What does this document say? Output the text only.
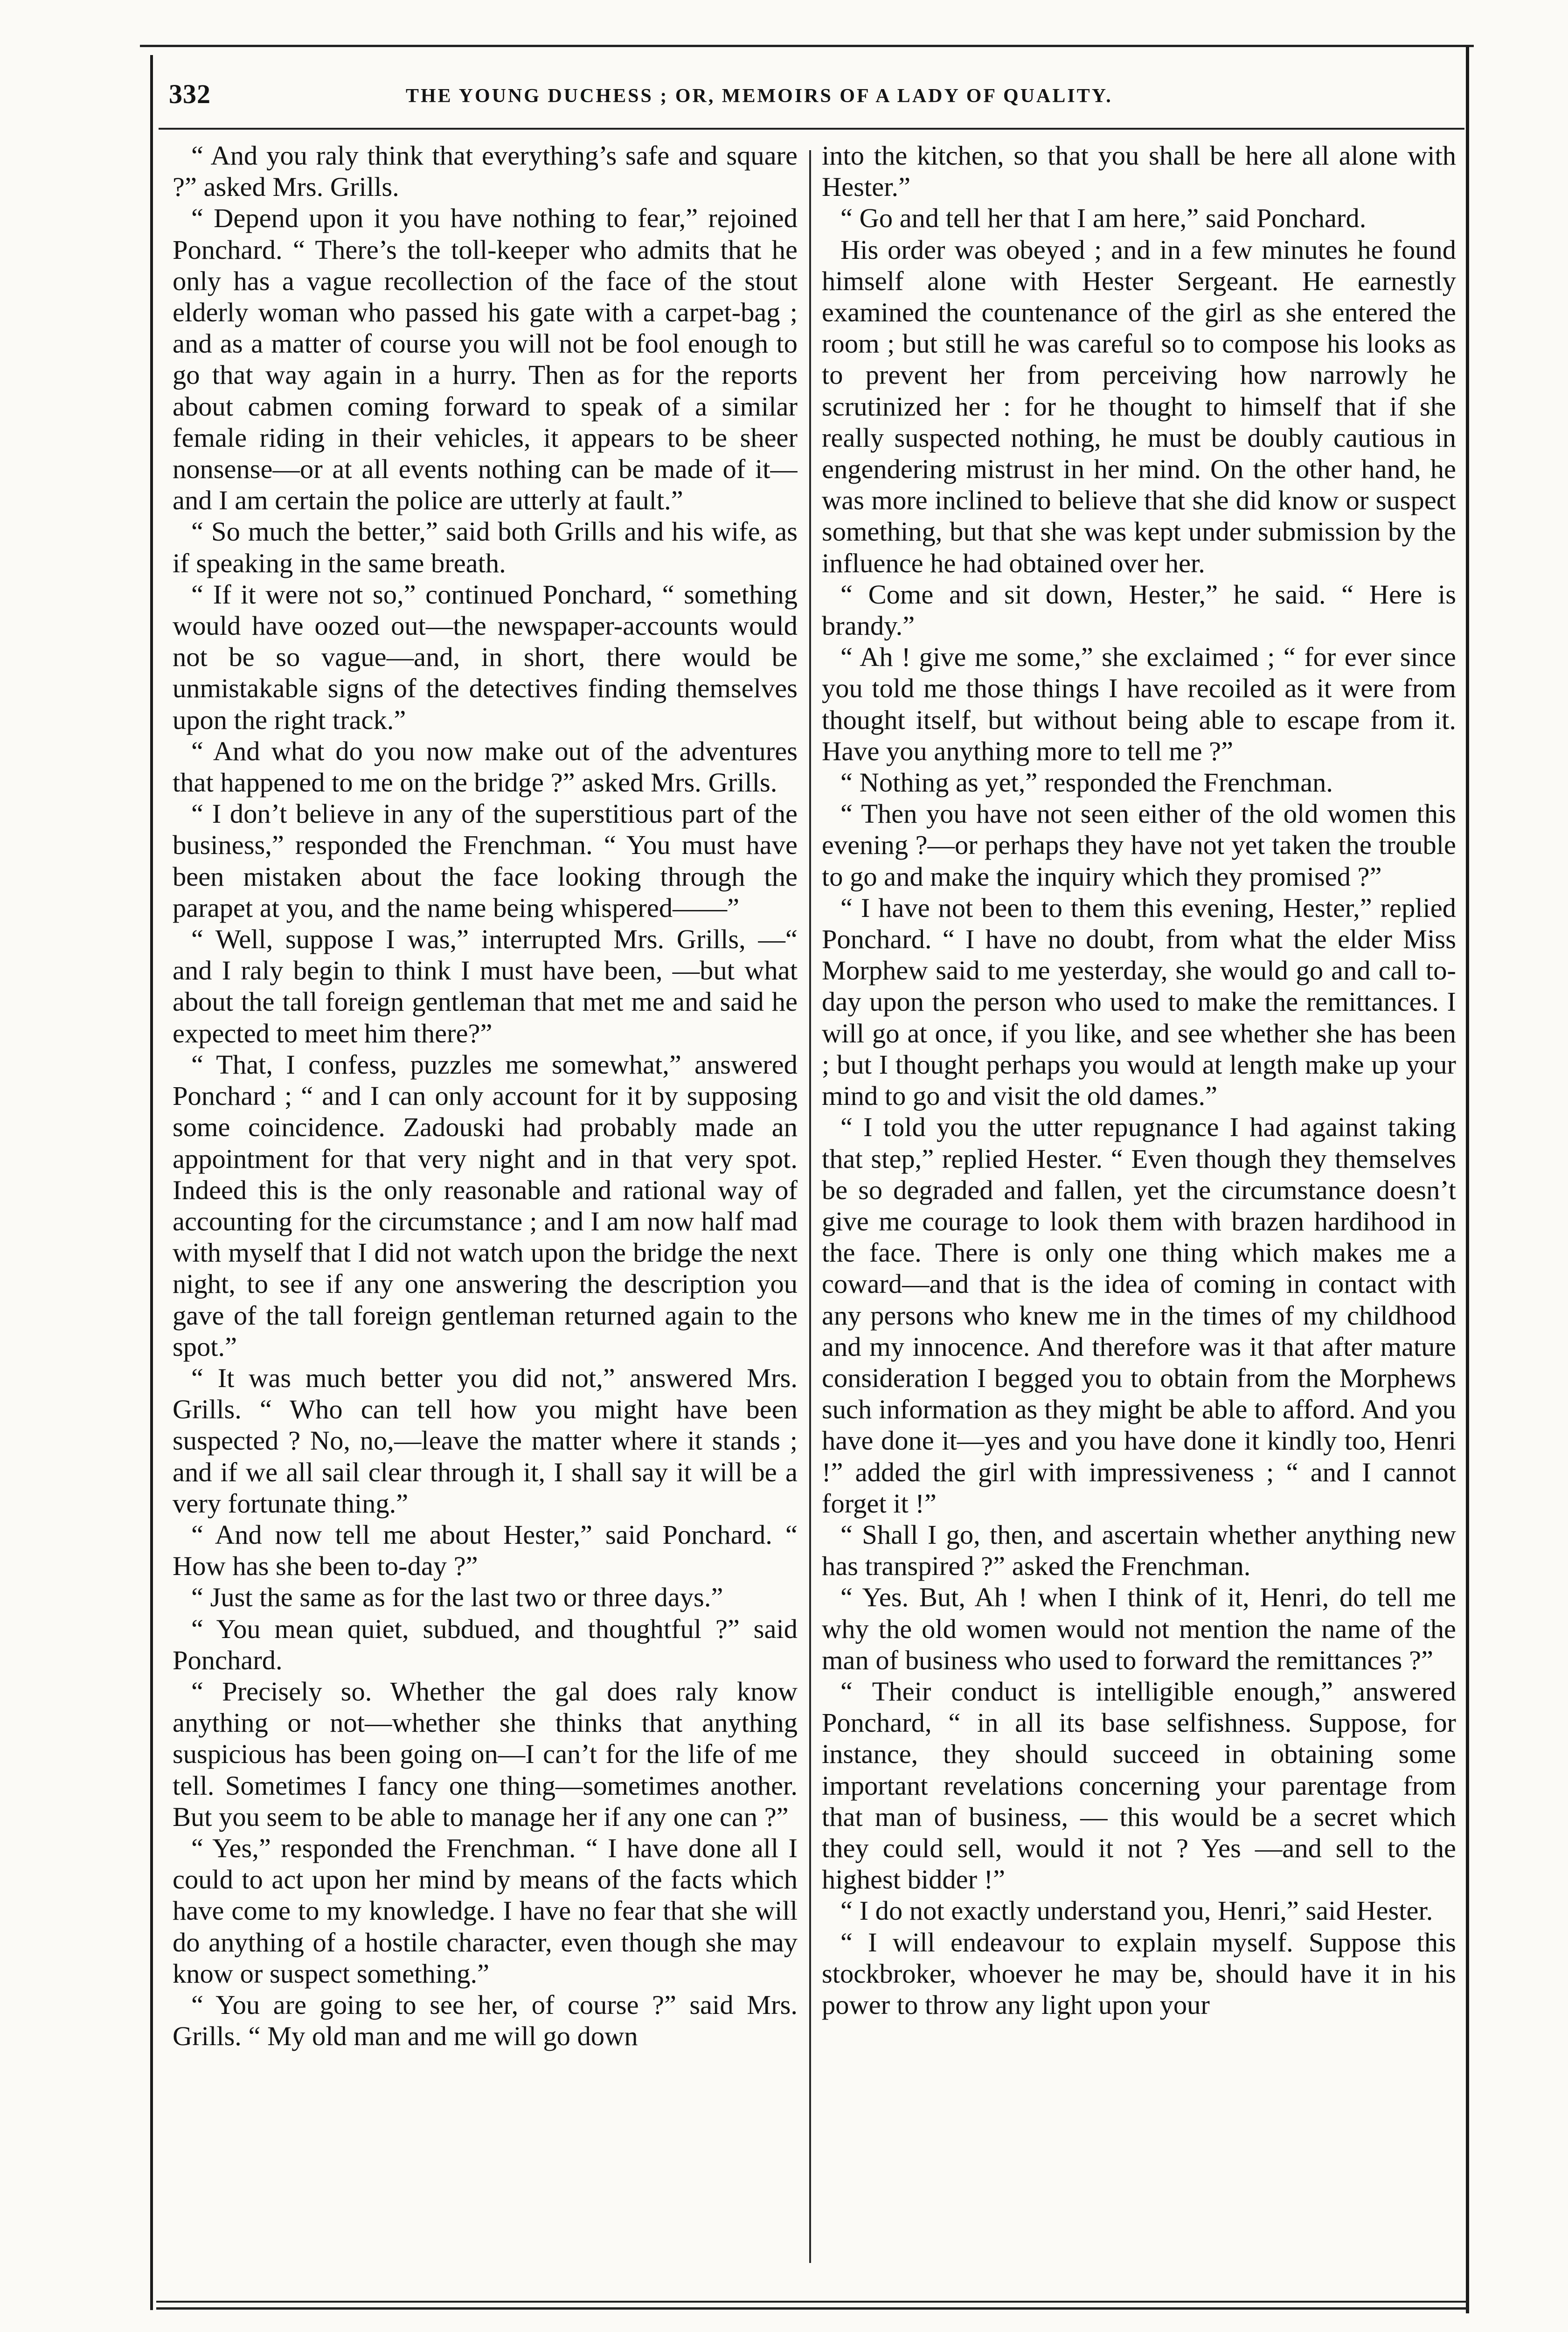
332	THE YOUNG DUCHESS ; OR, MEMOIRS OF A LADY OF QUALITY.

“ And you raly think that everything’s safe and square ?” asked Mrs. Grills.

“ Depend upon it you have nothing to fear,” rejoined Ponchard. “ There’s the toll-keeper who admits that he only has a vague recollection of the face of the stout elderly woman who passed his gate with a carpet-bag ; and as a matter of course you will not be fool enough to go that way again in a hurry. Then as for the reports about cabmen coming forward to speak of a similar female riding in their vehicles, it appears to be sheer nonsense—or at all events nothing can be made of it—and I am certain the police are utterly at fault.”

“ So much the better,” said both Grills and his wife, as if speaking in the same breath.

“ If it were not so,” continued Ponchard, “ something would have oozed out—the newspaper-accounts would not be so vague—and, in short, there would be unmistakable signs of the detectives finding themselves upon the right track.”

“ And what do you now make out of the adventures that happened to me on the bridge ?” asked Mrs. Grills.

“ I don’t believe in any of the superstitious part of the business,” responded the Frenchman. “ You must have been mistaken about the face looking through the parapet at you, and the name being whispered——”

“ Well, suppose I was,” interrupted Mrs. Grills, —“ and I raly begin to think I must have been, —but what about the tall foreign gentleman that met me and said he expected to meet him there?”

“ That, I confess, puzzles me somewhat,” answered Ponchard ; “ and I can only account for it by supposing some coincidence. Zadouski had probably made an appointment for that very night and in that very spot. Indeed this is the only reasonable and rational way of accounting for the circumstance ; and I am now half mad with myself that I did not watch upon the bridge the next night, to see if any one answering the description you gave of the tall foreign gentleman returned again to the spot.”

“ It was much better you did not,” answered Mrs. Grills. “ Who can tell how you might have been suspected ? No, no,—leave the matter where it stands ; and if we all sail clear through it, I shall say it will be a very fortunate thing.”

“ And now tell me about Hester,” said Ponchard. “ How has she been to-day ?”

“ Just the same as for the last two or three days.”

“ You mean quiet, subdued, and thoughtful ?” said Ponchard.

“ Precisely so. Whether the gal does raly know anything or not—whether she thinks that anything suspicious has been going on—I can’t for the life of me tell. Sometimes I fancy one thing—sometimes another. But you seem to be able to manage her if any one can ?”

“ Yes,” responded the Frenchman. “ I have done all I could to act upon her mind by means of the facts which have come to my knowledge. I have no fear that she will do anything of a hostile character, even though she may know or suspect something.”

“ You are going to see her, of course ?” said Mrs. Grills. “ My old man and me will go down

into the kitchen, so that you shall be here all alone with Hester.”

“ Go and tell her that I am here,” said Ponchard.

His order was obeyed ; and in a few minutes he found himself alone with Hester Sergeant. He earnestly examined the countenance of the girl as she entered the room ; but still he was careful so to compose his looks as to prevent her from perceiving how narrowly he scrutinized her : for he thought to himself that if she really suspected nothing, he must be doubly cautious in engendering mistrust in her mind. On the other hand, he was more inclined to believe that she did know or suspect something, but that she was kept under submission by the influence he had obtained over her.

“ Come and sit down, Hester,” he said. “ Here is brandy.”

“ Ah ! give me some,” she exclaimed ; “ for ever since you told me those things I have recoiled as it were from thought itself, but without being able to escape from it. Have you anything more to tell me ?”

“ Nothing as yet,” responded the Frenchman.

“ Then you have not seen either of the old women this evening ?—or perhaps they have not yet taken the trouble to go and make the inquiry which they promised ?”

“ I have not been to them this evening, Hester,” replied Ponchard. “ I have no doubt, from what the elder Miss Morphew said to me yesterday, she would go and call to-day upon the person who used to make the remittances. I will go at once, if you like, and see whether she has been ; but I thought perhaps you would at length make up your mind to go and visit the old dames.”

“ I told you the utter repugnance I had against taking that step,” replied Hester. “ Even though they themselves be so degraded and fallen, yet the circumstance doesn’t give me courage to look them with brazen hardihood in the face. There is only one thing which makes me a coward—and that is the idea of coming in contact with any persons who knew me in the times of my childhood and my innocence. And therefore was it that after mature consideration I begged you to obtain from the Morphews such information as they might be able to afford. And you have done it—yes and you have done it kindly too, Henri !” added the girl with impressiveness ; “ and I cannot forget it !”

“ Shall I go, then, and ascertain whether anything new has transpired ?” asked the Frenchman.

“ Yes. But, Ah ! when I think of it, Henri, do tell me why the old women would not mention the name of the man of business who used to forward the remittances ?”

“ Their conduct is intelligible enough,” answered Ponchard, “ in all its base selfishness. Suppose, for instance, they should succeed in obtaining some important revelations concerning your parentage from that man of business, — this would be a secret which they could sell, would it not ? Yes —and sell to the highest bidder !”

“ I do not exactly understand you, Henri,” said Hester.

“ I will endeavour to explain myself. Suppose this stockbroker, whoever he may be, should have it in his power to throw any light upon your
